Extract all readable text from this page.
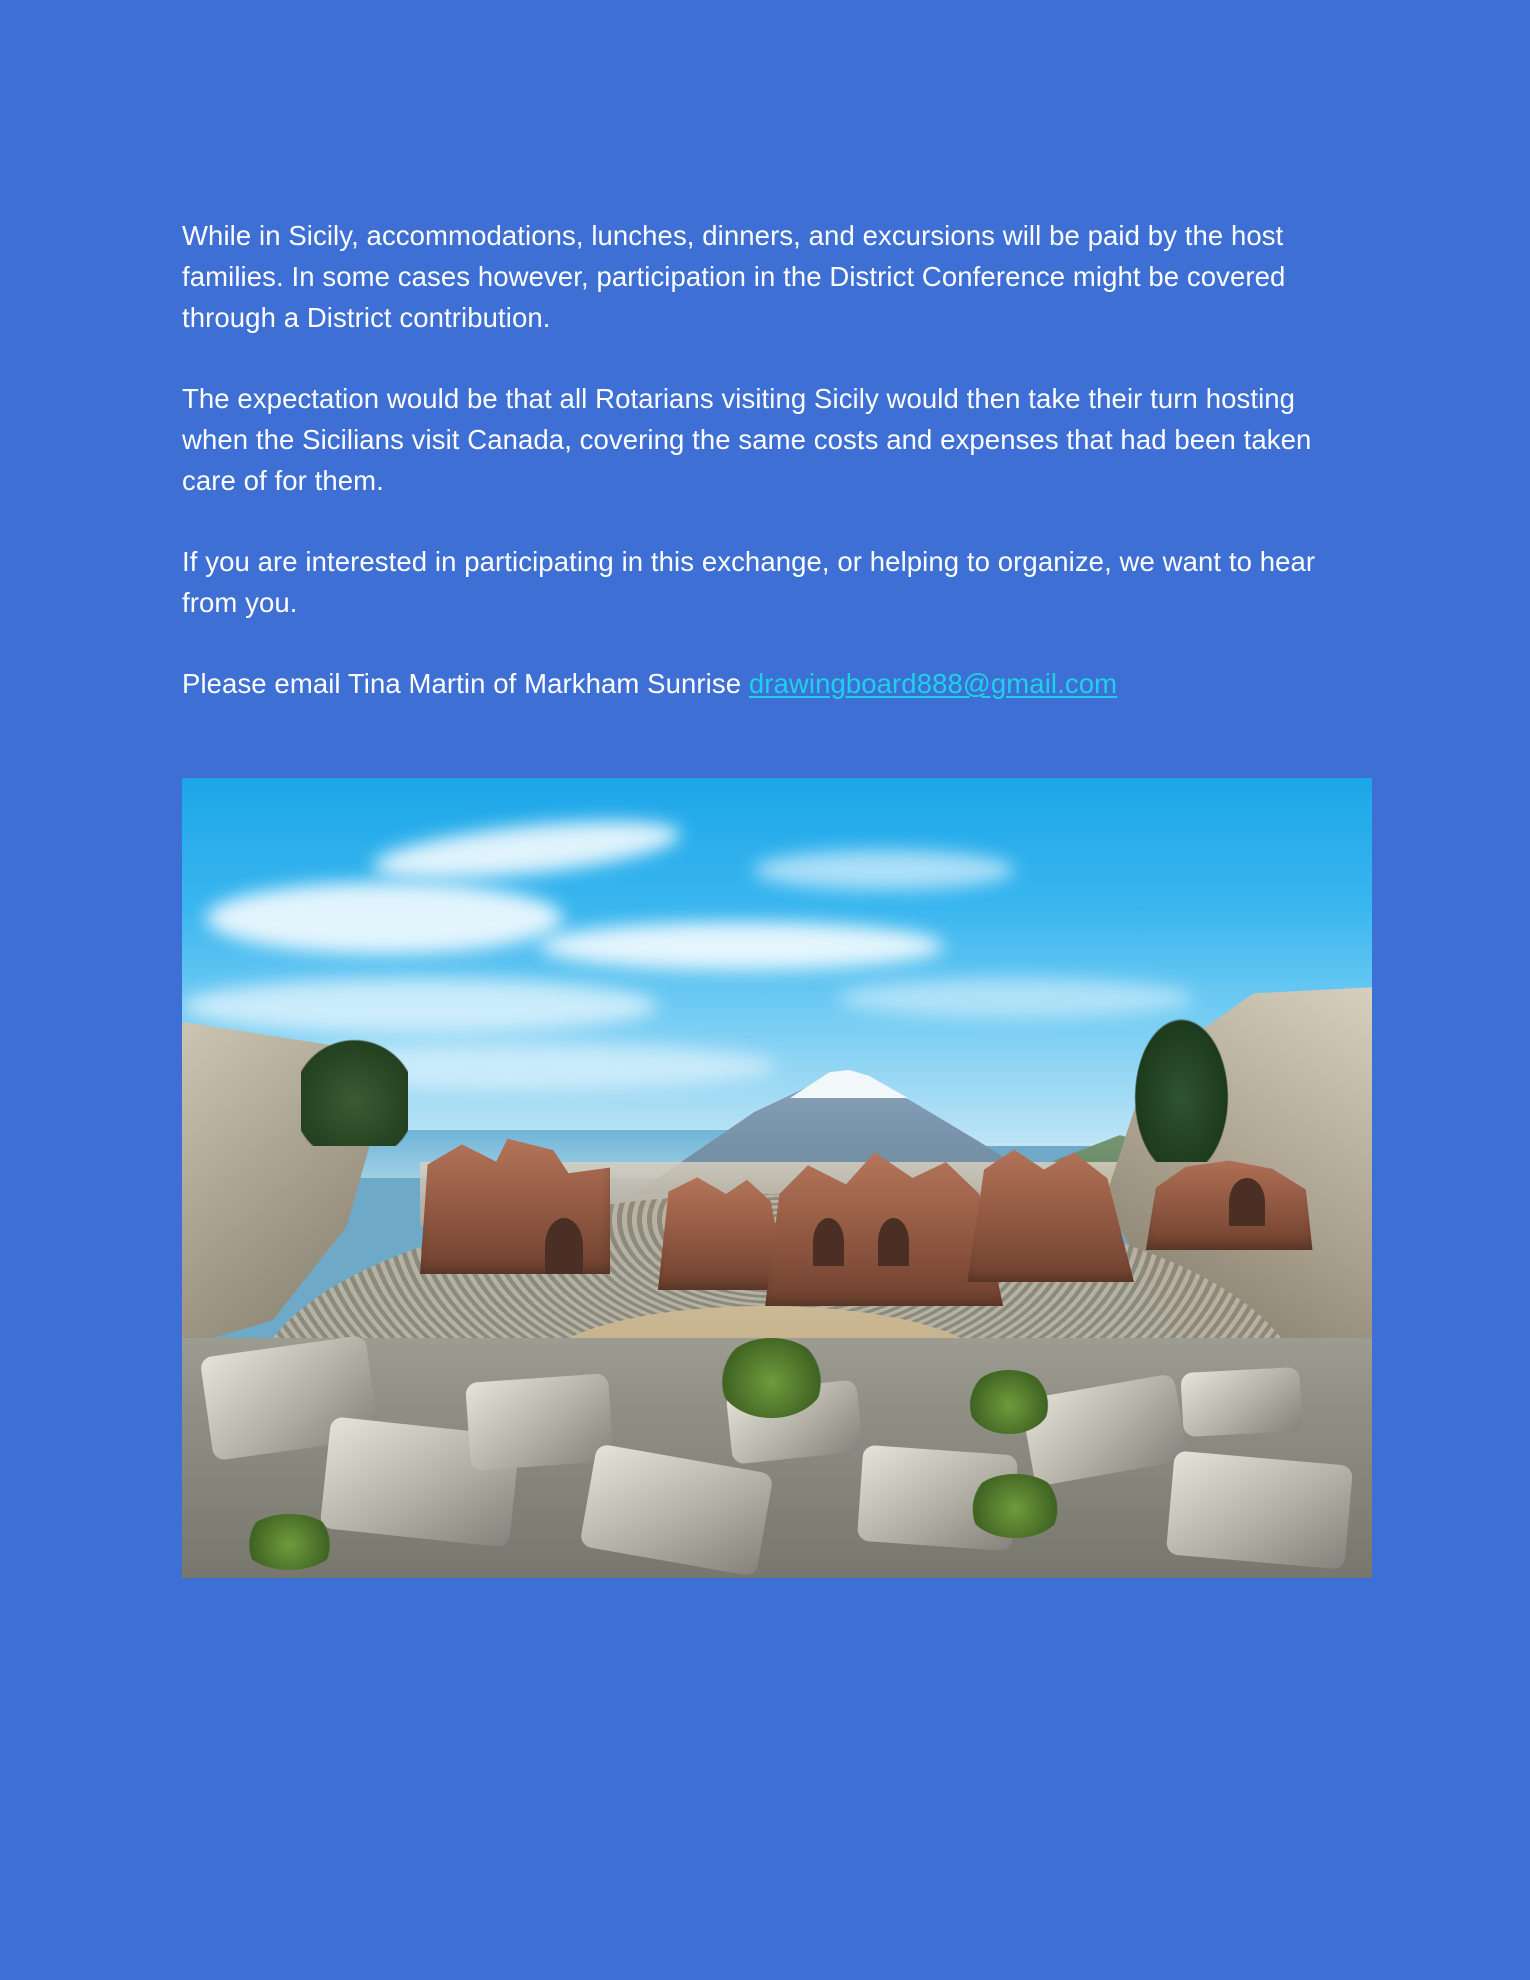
While in Sicily, accommodations, lunches, dinners, and excursions will be paid by the host families. In some cases however, participation in the District Conference might be covered through a District contribution.

The expectation would be that all Rotarians visiting Sicily would then take their turn hosting when the Sicilians visit Canada, covering the same costs and expenses that had been taken care of for them.

If you are interested in participating in this exchange, or helping to organize, we want to hear from you.

Please email Tina Martin of Markham Sunrise drawingboard888@gmail.com
